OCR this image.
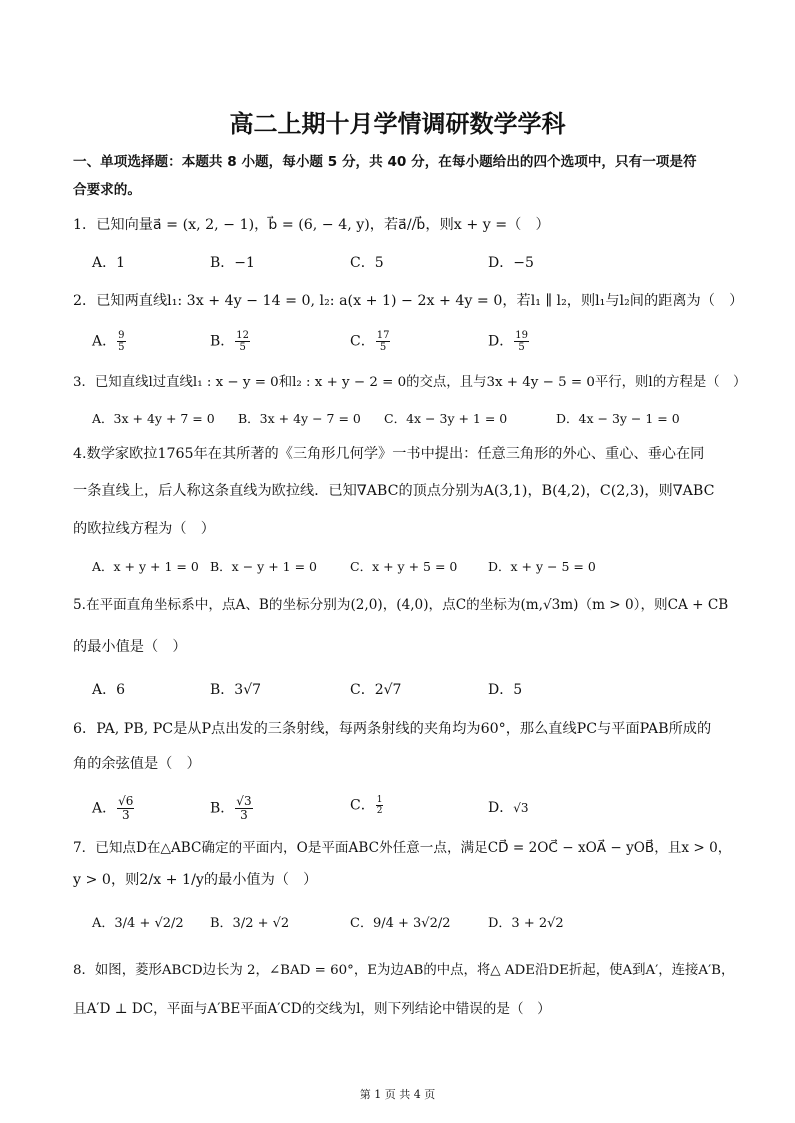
高二上期十月学情调研数学学科
一、单项选择题：本题共 8 小题，每小题 5 分，共 40 分，在每小题给出的四个选项中，只有一项是符
合要求的。
1．已知向量a⃗ = (x, 2, − 1)，b⃗ = (6, − 4, y)，若a⃗//b⃗，则x + y =（　）
A．1	B．−1	C．5	D．−5
2．已知两直线l₁: 3x + 4y − 14 = 0, l₂: a(x + 1) − 2x + 4y = 0，若l₁ ∥ l₂，则l₁与l₂间的距离为（　）
A． $\frac{9}{5}$	B． $\frac{12}{5}$	C． $\frac{17}{5}$	D． $\frac{19}{5}$
3．已知直线l过直线l₁ : x − y = 0和l₂ : x + y − 2 = 0的交点，且与3x + 4y − 5 = 0平行，则l的方程是（　）
A．3x + 4y + 7 = 0 B．3x + 4y − 7 = 0 C．4x − 3y + 1 = 0	D．4x − 3y − 1 = 0
4.数学家欧拉1765年在其所著的《三角形几何学》一书中提出：任意三角形的外心、重心、垂心在同
一条直线上，后人称这条直线为欧拉线．已知∇ABC的顶点分别为A(3,1)，B(4,2)，C(2,3)，则∇ABC
的欧拉线方程为（　）
A．x + y + 1 = 0 B．x − y + 1 = 0	C．x + y + 5 = 0 D．x + y − 5 = 0
5.在平面直角坐标系中，点A、B的坐标分别为(2,0)，(4,0)，点C的坐标为(m,√3m)（m > 0），则CA + CB
的最小值是（　）
A．6	B．3√7	C．2√7	D．5
6．PA, PB, PC是从P点出发的三条射线，每两条射线的夹角均为60°，那么直线PC与平面PAB所成的
角的余弦值是（　）
A． $\frac{√6}{3}$	B． $\frac{√3}{3}$	C． $\frac{1}{2}$	D．√3
7．已知点D在△ABC确定的平面内，O是平面ABC外任意一点，满足CD⃗ = 2OC⃗ − xOA⃗ − yOB⃗，且x > 0，
y > 0，则2/x + 1/y的最小值为（　）
A．3/4 + √2/2 B．3/2 + √2	C．9/4 + 3√2/2	D．3 + 2√2
8．如图，菱形ABCD边长为 2，∠BAD = 60°，E为边AB的中点，将△ ADE沿DE折起，使A到A′，连接A′B，
且A′D ⊥ DC，平面与A′BE平面A′CD的交线为l，则下列结论中错误的是（　）
第 1 页 共 4 页
